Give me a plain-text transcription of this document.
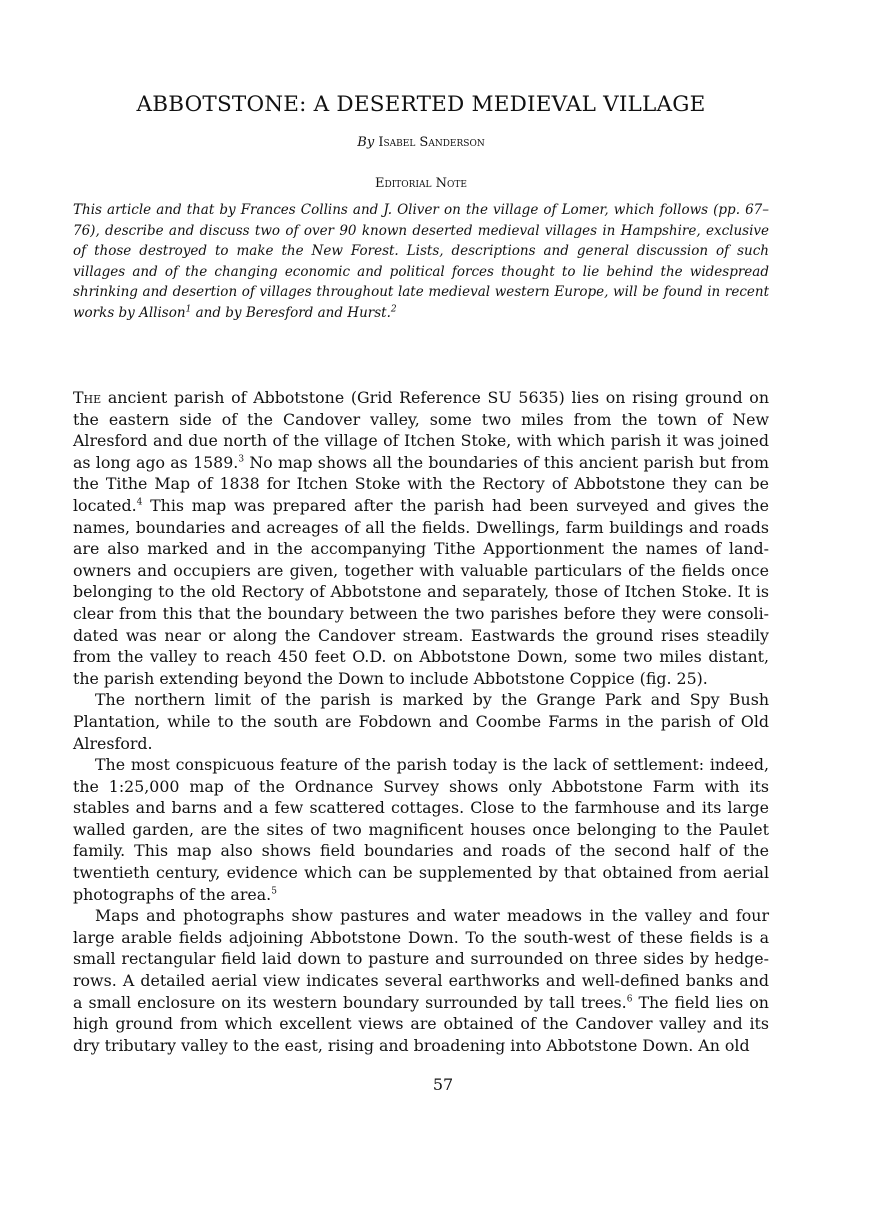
ABBOTSTONE: A DESERTED MEDIEVAL VILLAGE
By Isabel Sanderson
Editorial Note

This article and that by Frances Collins and J. Oliver on the village of Lomer, which follows (pp. 67–76), describe and discuss two of over 90 known deserted medieval villages in Hampshire, exclusive of those destroyed to make the New Forest. Lists, descriptions and general discussion of such villages and of the changing economic and political forces thought to lie behind the widespread shrinking and desertion of villages throughout late medieval western Europe, will be found in recent works by Allison$^1$ and by Beresford and Hurst.$^2$

The ancient parish of Abbotstone (Grid Reference SU 5635) lies on rising ground on the eastern side of the Candover valley, some two miles from the town of New Alresford and due north of the village of Itchen Stoke, with which parish it was joined as long ago as 1589.$^3$ No map shows all the boundaries of this ancient parish but from the Tithe Map of 1838 for Itchen Stoke with the Rectory of Abbotstone they can be located.$^4$ This map was prepared after the parish had been surveyed and gives the names, boundaries and acreages of all the fields. Dwellings, farm buildings and roads are also marked and in the accompanying Tithe Apportionment the names of land-owners and occupiers are given, together with valuable particulars of the fields once belonging to the old Rectory of Abbotstone and separately, those of Itchen Stoke. It is clear from this that the boundary between the two parishes before they were consoli-dated was near or along the Candover stream. Eastwards the ground rises steadily from the valley to reach 450 feet O.D. on Abbotstone Down, some two miles distant, the parish extending beyond the Down to include Abbotstone Coppice (fig. 25).

The northern limit of the parish is marked by the Grange Park and Spy Bush Plantation, while to the south are Fobdown and Coombe Farms in the parish of Old Alresford.

The most conspicuous feature of the parish today is the lack of settlement: indeed, the 1:25,000 map of the Ordnance Survey shows only Abbotstone Farm with its stables and barns and a few scattered cottages. Close to the farmhouse and its large walled garden, are the sites of two magnificent houses once belonging to the Paulet family. This map also shows field boundaries and roads of the second half of the twentieth century, evidence which can be supplemented by that obtained from aerial photographs of the area.$^5$

Maps and photographs show pastures and water meadows in the valley and four large arable fields adjoining Abbotstone Down. To the south-west of these fields is a small rectangular field laid down to pasture and surrounded on three sides by hedge-rows. A detailed aerial view indicates several earthworks and well-defined banks and a small enclosure on its western boundary surrounded by tall trees.$^6$ The field lies on high ground from which excellent views are obtained of the Candover valley and its dry tributary valley to the east, rising and broadening into Abbotstone Down. An old

57
